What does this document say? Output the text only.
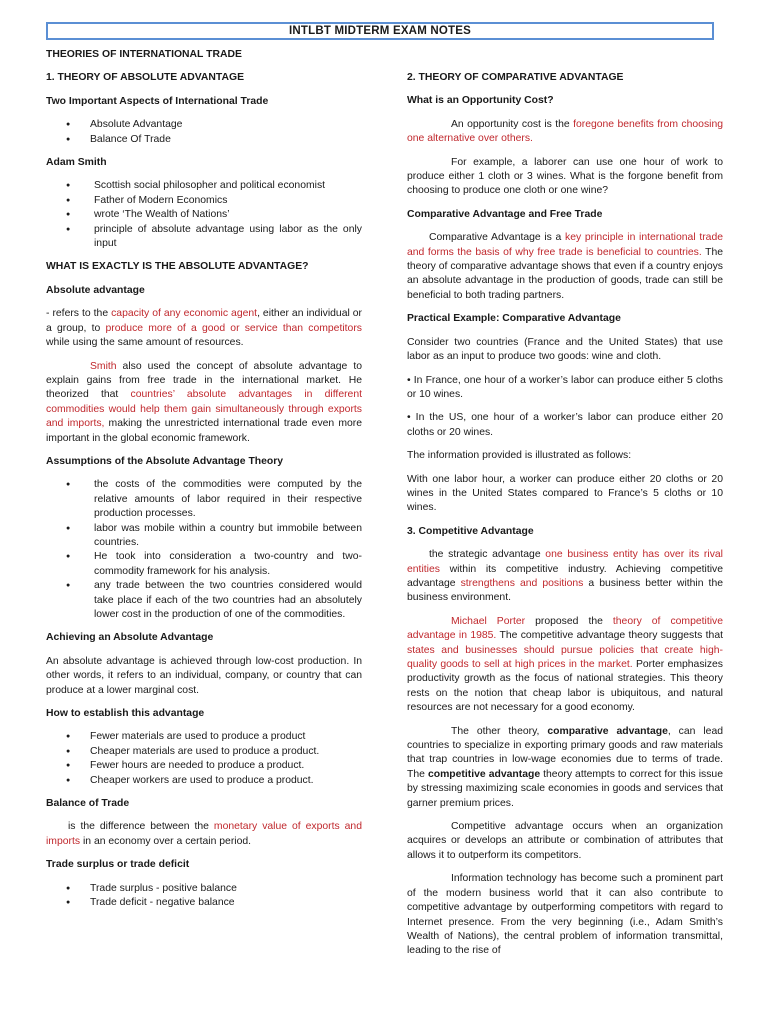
INTLBT MIDTERM EXAM NOTES
THEORIES OF INTERNATIONAL TRADE
1. THEORY OF ABSOLUTE ADVANTAGE
Two Important Aspects of International Trade
● Absolute Advantage
● Balance Of Trade
Adam Smith
● Scottish social philosopher and political economist
● Father of Modern Economics
● wrote ‘The Wealth of Nations’
● principle of absolute advantage using labor as the only input
WHAT IS EXACTLY IS THE ABSOLUTE ADVANTAGE?
Absolute advantage

- refers to the capacity of any economic agent, either an individual or a group, to produce more of a good or service than competitors while using the same amount of resources.

Smith also used the concept of absolute advantage to explain gains from free trade in the international market. He theorized that countries’ absolute advantages in different commodities would help them gain simultaneously through exports and imports, making the unrestricted international trade even more important in the global economic framework.

Assumptions of the Absolute Advantage Theory
● the costs of the commodities were computed by the relative amounts of labor required in their respective production processes.
● labor was mobile within a country but immobile between countries.
● He took into consideration a two-country and two-commodity framework for his analysis.
● any trade between the two countries considered would take place if each of the two countries had an absolutely lower cost in the production of one of the commodities.
Achieving an Absolute Advantage

An absolute advantage is achieved through low-cost production. In other words, it refers to an individual, company, or country that can produce at a lower marginal cost.

How to establish this advantage
● Fewer materials are used to produce a product
● Cheaper materials are used to produce a product.
● Fewer hours are needed to produce a product.
● Cheaper workers are used to produce a product.
Balance of Trade

is the difference between the monetary value of exports and imports in an economy over a certain period.

Trade surplus or trade deficit
● Trade surplus - positive balance
● Trade deficit - negative balance
2. THEORY OF COMPARATIVE ADVANTAGE
What is an Opportunity Cost?

An opportunity cost is the foregone benefits from choosing one alternative over others.

For example, a laborer can use one hour of work to produce either 1 cloth or 3 wines. What is the forgone benefit from choosing to produce one cloth or one wine?

Comparative Advantage and Free Trade

Comparative Advantage is a key principle in international trade and forms the basis of why free trade is beneficial to countries. The theory of comparative advantage shows that even if a country enjoys an absolute advantage in the production of goods, trade can still be beneficial to both trading partners.

Practical Example: Comparative Advantage

Consider two countries (France and the United States) that use labor as an input to produce two goods: wine and cloth.

• In France, one hour of a worker’s labor can produce either 5 cloths or 10 wines.

• In the US, one hour of a worker’s labor can produce either 20 cloths or 20 wines.

The information provided is illustrated as follows:

With one labor hour, a worker can produce either 20 cloths or 20 wines in the United States compared to France’s 5 cloths or 10 wines.

3. Competitive Advantage

the strategic advantage one business entity has over its rival entities within its competitive industry. Achieving competitive advantage strengthens and positions a business better within the business environment.

Michael Porter proposed the theory of competitive advantage in 1985. The competitive advantage theory suggests that states and businesses should pursue policies that create high-quality goods to sell at high prices in the market. Porter emphasizes productivity growth as the focus of national strategies. This theory rests on the notion that cheap labor is ubiquitous, and natural resources are not necessary for a good economy.

The other theory, comparative advantage, can lead countries to specialize in exporting primary goods and raw materials that trap countries in low-wage economies due to terms of trade. The competitive advantage theory attempts to correct for this issue by stressing maximizing scale economies in goods and services that garner premium prices.

Competitive advantage occurs when an organization acquires or develops an attribute or combination of attributes that allows it to outperform its competitors.

Information technology has become such a prominent part of the modern business world that it can also contribute to competitive advantage by outperforming competitors with regard to Internet presence. From the very beginning (i.e., Adam Smith’s Wealth of Nations), the central problem of information transmittal, leading to the rise of
